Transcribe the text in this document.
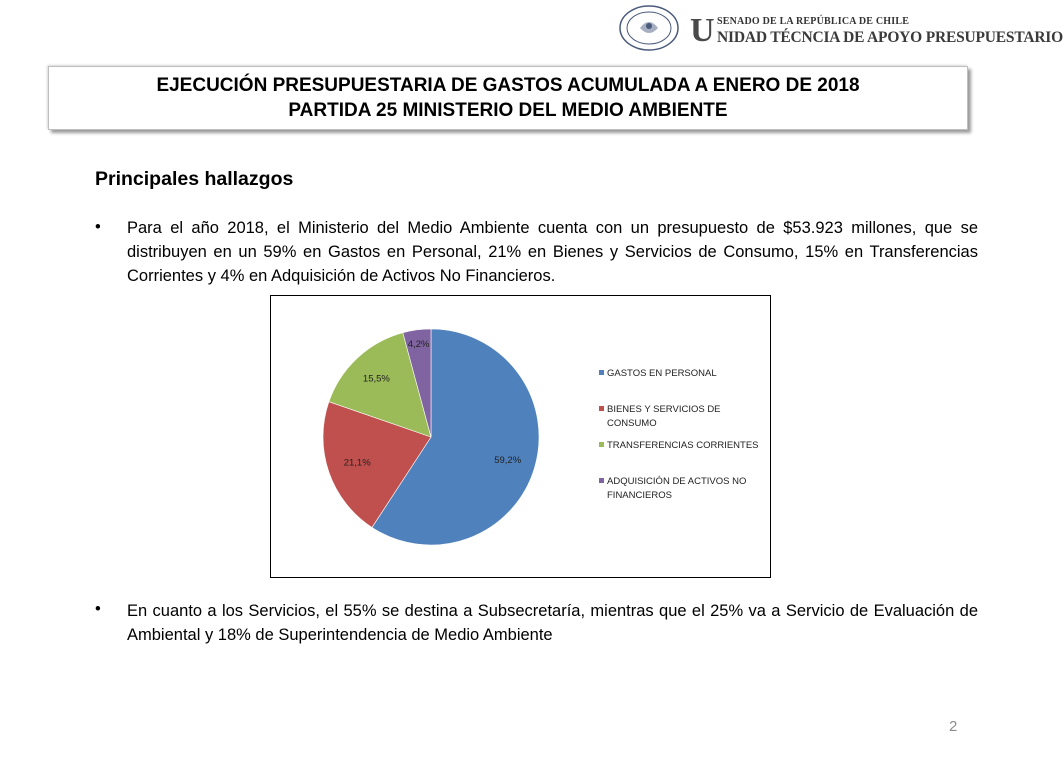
U SENADO DE LA REPÚBLICA DE CHILE
NIDAD TÉCNCIA DE APOYO PRESUPUESTARIO
EJECUCIÓN PRESUPUESTARIA DE GASTOS ACUMULADA A ENERO DE 2018
PARTIDA 25 MINISTERIO DEL MEDIO AMBIENTE
Principales hallazgos
• Para el año 2018, el Ministerio del Medio Ambiente cuenta con un presupuesto de $53.923 millones, que se distribuyen en un 59% en Gastos en Personal, 21% en Bienes y Servicios de Consumo, 15% en Transferencias Corrientes y 4% en Adquisición de Activos No Financieros.
59,2%
21,1%
15,5%
4,2%
GASTOS EN PERSONAL
BIENES Y SERVICIOS DE
CONSUMO
TRANSFERENCIAS CORRIENTES
ADQUISICIÓN DE ACTIVOS NO
FINANCIEROS
• En cuanto a los Servicios, el 55% se destina a Subsecretaría, mientras que el 25% va a Servicio de Evaluación de Ambiental y 18% de Superintendencia de Medio Ambiente
2
